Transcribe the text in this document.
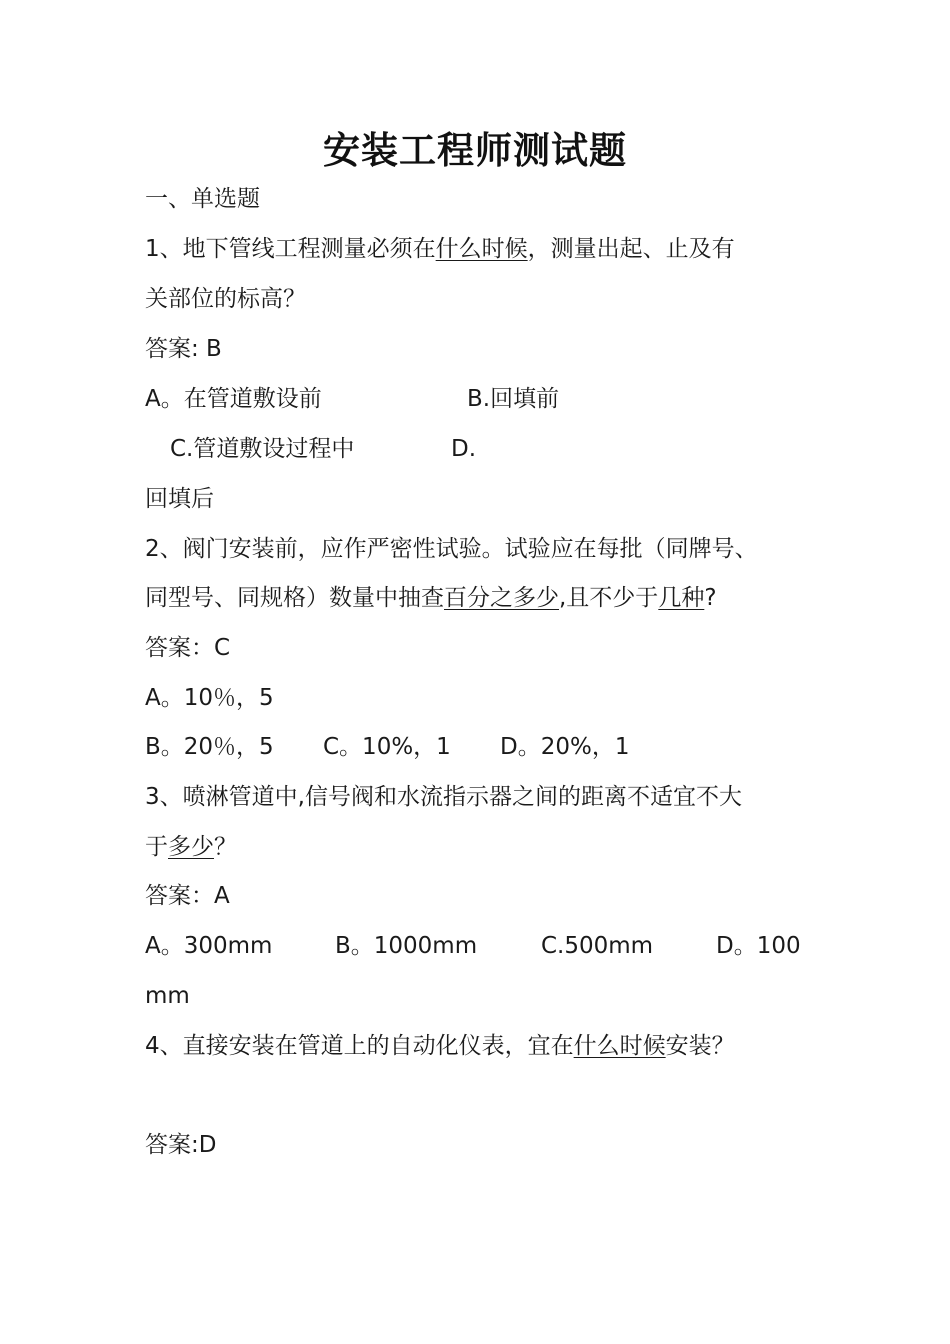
安装工程师测试题
一、单选题
1、地下管线工程测量必须在什么时候，测量出起、止及有
关部位的标高？
答案: B
A。在管道敷设前	B.回填前
C.管道敷设过程中	D.
回填后
2、阀门安装前，应作严密性试验。试验应在每批（同牌号、
同型号、同规格）数量中抽查百分之多少,且不少于几种?
答案：C
A。10％，5
B。20％，5 C。10%，1 D。20%，1
3、喷淋管道中,信号阀和水流指示器之间的距离不适宜不大
于多少？
答案：A
A。300mm	B。1000mm	C.500mm	D。100
mm
4、直接安装在管道上的自动化仪表，宜在什么时候安装？
答案:D
